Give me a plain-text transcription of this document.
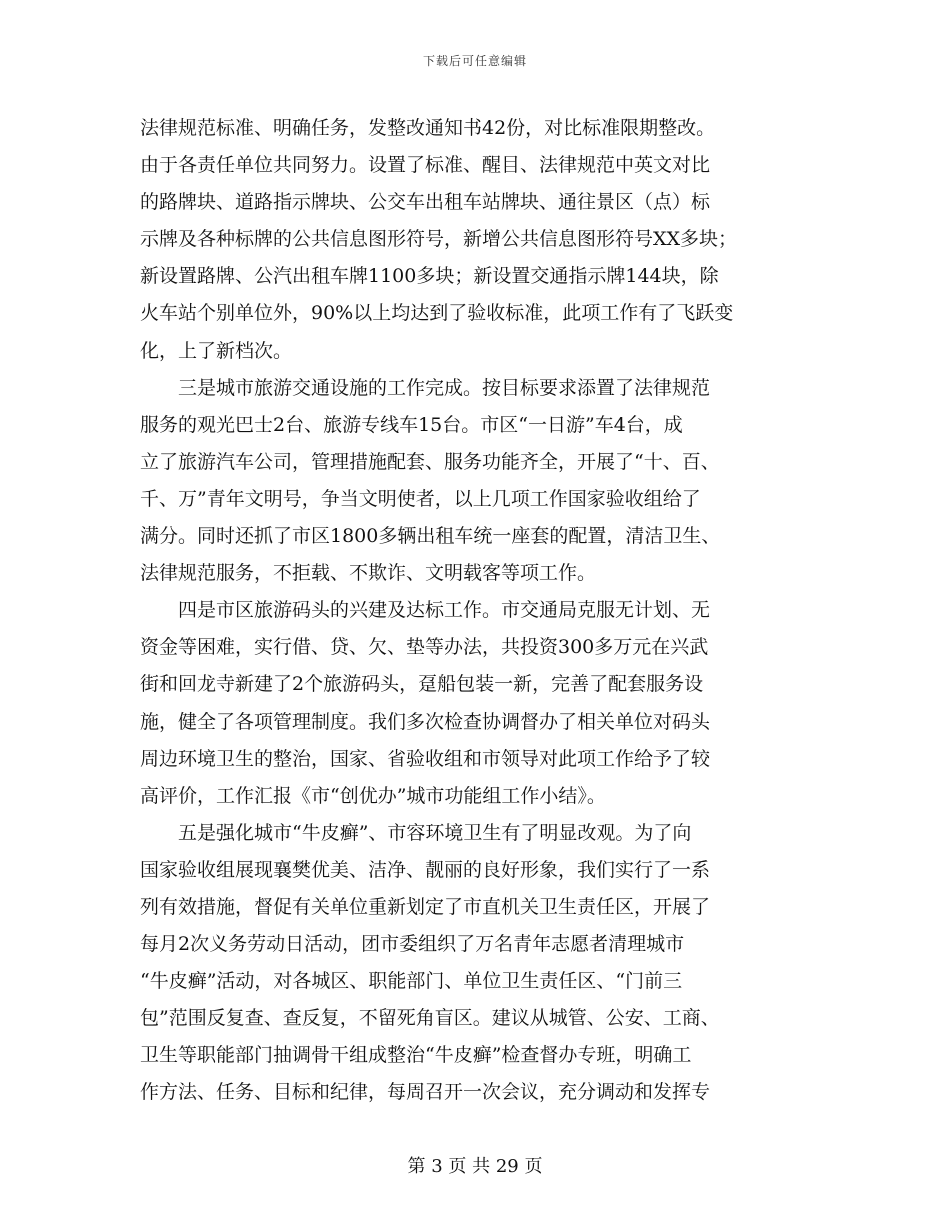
下载后可任意编辑
法律规范标准、明确任务，发整改通知书42份，对比标准限期整改。
由于各责任单位共同努力。设置了标准、醒目、法律规范中英文对比
的路牌块、道路指示牌块、公交车出租车站牌块、通往景区（点）标
示牌及各种标牌的公共信息图形符号，新增公共信息图形符号XX多块；
新设置路牌、公汽出租车牌1100多块；新设置交通指示牌144块，除
火车站个别单位外，90%以上均达到了验收标准，此项工作有了飞跃变
化，上了新档次。
　　三是城市旅游交通设施的工作完成。按目标要求添置了法律规范
服务的观光巴士2台、旅游专线车15台。市区“一日游”车4台，成
立了旅游汽车公司，管理措施配套、服务功能齐全，开展了“十、百、
千、万”青年文明号，争当文明使者，以上几项工作国家验收组给了
满分。同时还抓了市区1800多辆出租车统一座套的配置，清洁卫生、
法律规范服务，不拒载、不欺诈、文明载客等项工作。
　　四是市区旅游码头的兴建及达标工作。市交通局克服无计划、无
资金等困难，实行借、贷、欠、垫等办法，共投资300多万元在兴武
街和回龙寺新建了2个旅游码头，趸船包装一新，完善了配套服务设
施，健全了各项管理制度。我们多次检查协调督办了相关单位对码头
周边环境卫生的整治，国家、省验收组和市领导对此项工作给予了较
高评价，工作汇报《市“创优办”城市功能组工作小结》。
　　五是强化城市“牛皮癣”、市容环境卫生有了明显改观。为了向
国家验收组展现襄樊优美、洁净、靓丽的良好形象，我们实行了一系
列有效措施，督促有关单位重新划定了市直机关卫生责任区，开展了
每月2次义务劳动日活动，团市委组织了万名青年志愿者清理城市
“牛皮癣”活动，对各城区、职能部门、单位卫生责任区、“门前三
包”范围反复查、查反复，不留死角盲区。建议从城管、公安、工商、
卫生等职能部门抽调骨干组成整治“牛皮癣”检查督办专班，明确工
作方法、任务、目标和纪律，每周召开一次会议，充分调动和发挥专
第 3 页 共 29 页
